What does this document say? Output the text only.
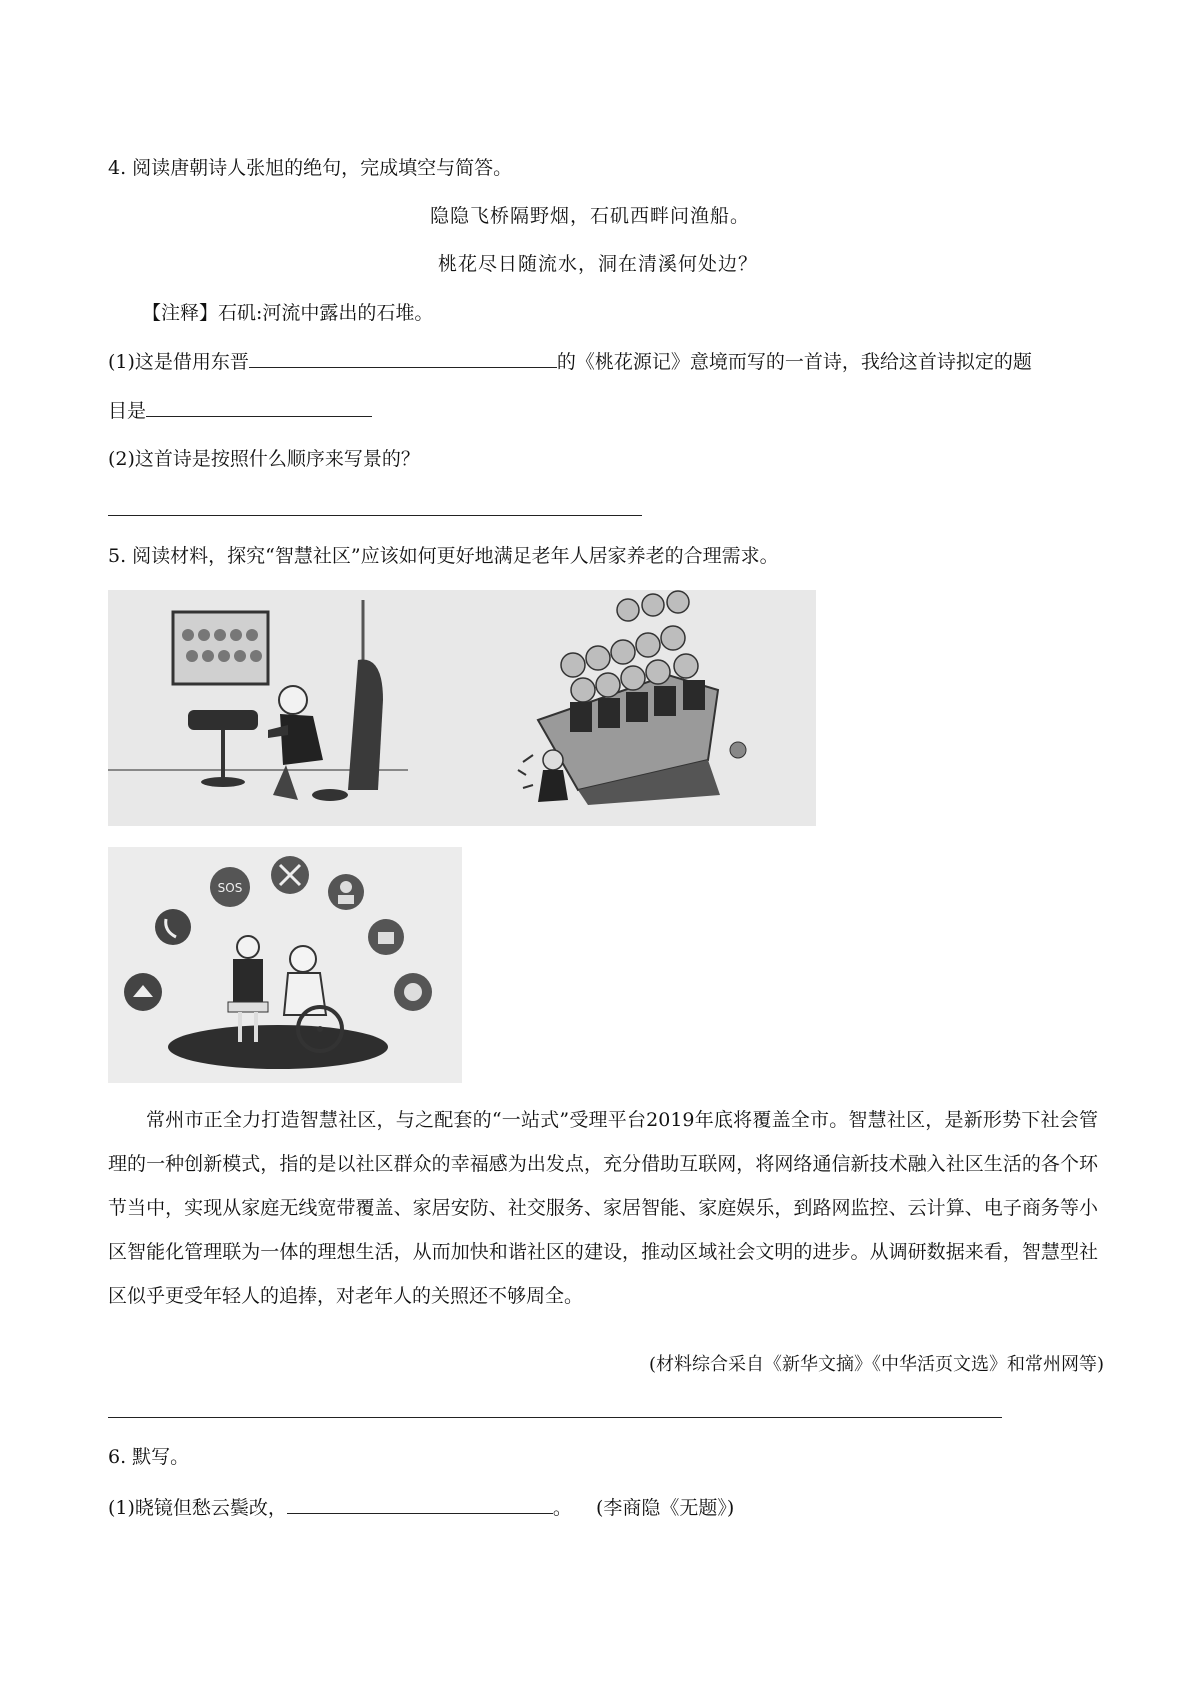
4. 阅读唐朝诗人张旭的绝句，完成填空与简答。
隐隐飞桥隔野烟，石矶西畔问渔船。
桃花尽日随流水，洞在清溪何处边？
【注释】石矶:河流中露出的石堆。
(1)这是借用东晋	的《桃花源记》意境而写的一首诗，我给这首诗拟定的题
目是
(2)这首诗是按照什么顺序来写景的？
5. 阅读材料，探究“智慧社区”应该如何更好地满足老年人居家养老的合理需求。
SOS
常州市正全力打造智慧社区，与之配套的“一站式”受理平台2019年底将覆盖全市。智慧社区，是新形势下社会管理的一种创新模式，指的是以社区群众的幸福感为出发点，充分借助互联网，将网络通信新技术融入社区生活的各个环节当中，实现从家庭无线宽带覆盖、家居安防、社交服务、家居智能、家庭娱乐，到路网监控、云计算、电子商务等小区智能化管理联为一体的理想生活，从而加快和谐社区的建设，推动区域社会文明的进步。从调研数据来看，智慧型社区似乎更受年轻人的追捧，对老年人的关照还不够周全。
(材料综合采自《新华文摘》《中华活页文选》和常州网等)
6. 默写。
(1)晓镜但愁云鬓改，	。 (李商隐《无题》)
